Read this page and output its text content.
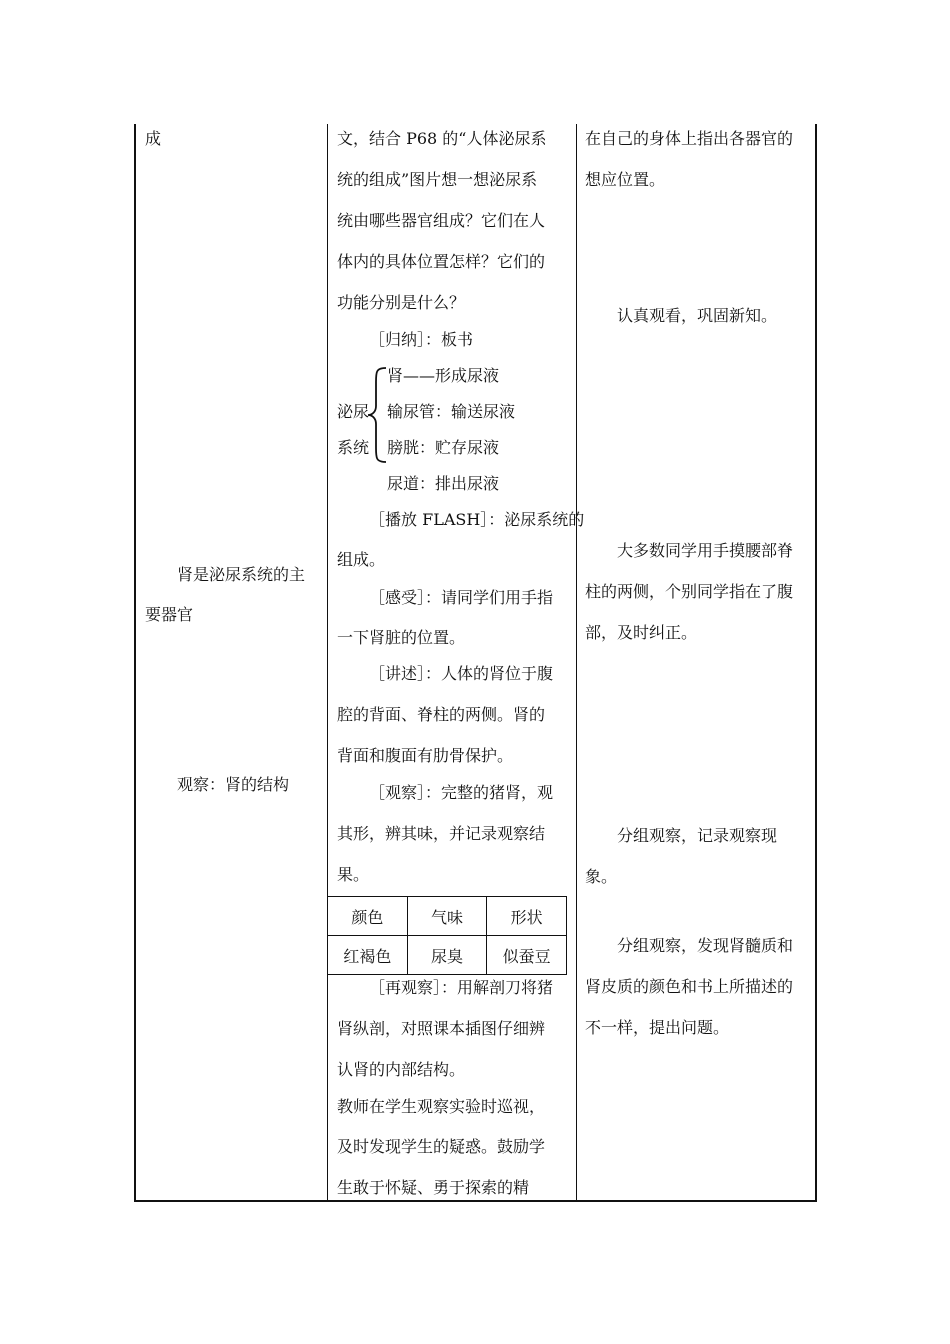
成
肾是泌尿系统的主
要器官
观察：肾的结构
文，结合 P68 的“人体泌尿系
统的组成”图片想一想泌尿系
统由哪些器官组成？它们在人
体内的具体位置怎样？它们的
功能分别是什么？
［归纳］：板书
泌尿
系统
肾——形成尿液
输尿管：输送尿液
膀胱：贮存尿液
尿道：排出尿液
［播放 FLASH］：泌尿系统的
组成。
［感受］：请同学们用手指
一下肾脏的位置。
［讲述］：人体的肾位于腹
腔的背面、脊柱的两侧。肾的
背面和腹面有肋骨保护。
［观察］：完整的猪肾，观
其形，辨其味，并记录观察结
果。
颜色	气味	形状
红褐色	尿臭	似蚕豆
［再观察］：用解剖刀将猪
肾纵剖，对照课本插图仔细辨
认肾的内部结构。
教师在学生观察实验时巡视，
及时发现学生的疑惑。鼓励学
生敢于怀疑、勇于探索的精
在自己的身体上指出各器官的
想应位置。
认真观看，巩固新知。
大多数同学用手摸腰部脊
柱的两侧，个别同学指在了腹
部，及时纠正。
分组观察，记录观察现
象。
分组观察，发现肾髓质和
肾皮质的颜色和书上所描述的
不一样，提出问题。
